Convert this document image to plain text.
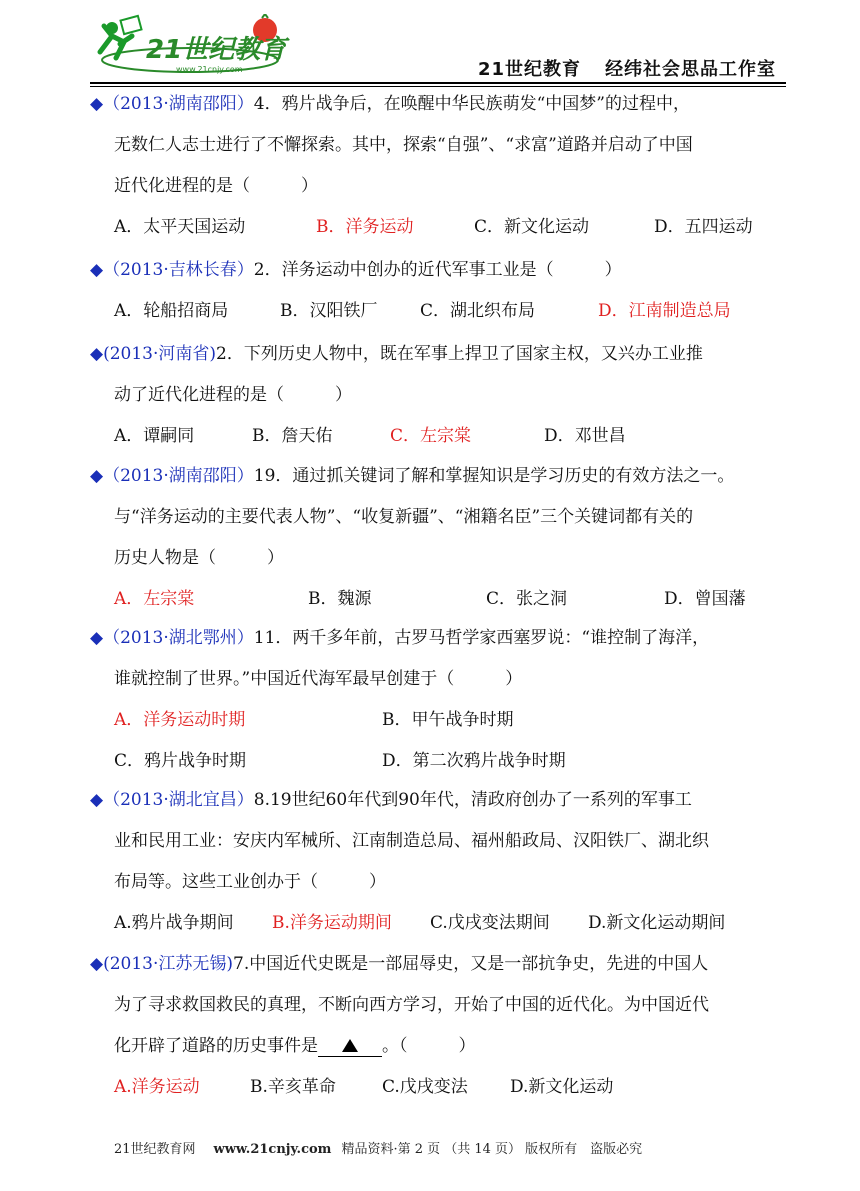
21世纪教育
www.21cnjy.com	21世纪教育 经纬社会思品工作室
◆（2013·湖南邵阳）4．鸦片战争后，在唤醒中华民族萌发“中国梦”的过程中，
无数仁人志士进行了不懈探索。其中，探索“自强”、“求富”道路并启动了中国
近代化进程的是（　　　）
A．太平天国运动	B．洋务运动	C．新文化运动	D．五四运动
◆（2013·吉林长春）2．洋务运动中创办的近代军事工业是（　　　）
A．轮船招商局	B．汉阳铁厂	C．湖北织布局	D．江南制造总局
◆(2013·河南省)2．下列历史人物中，既在军事上捍卫了国家主权，又兴办工业推
动了近代化进程的是（　　　）
A．谭嗣同	B．詹天佑	C．左宗棠	D．邓世昌
◆（2013·湖南邵阳）19．通过抓关键词了解和掌握知识是学习历史的有效方法之一。
与“洋务运动的主要代表人物”、“收复新疆”、“湘籍名臣”三个关键词都有关的
历史人物是（　　　）
A．左宗棠	B．魏源	C．张之洞	D．曾国藩
◆（2013·湖北鄂州）11．两千多年前，古罗马哲学家西塞罗说：“谁控制了海洋，
谁就控制了世界。”中国近代海军最早创建于（　　　）
A．洋务运动时期	B．甲午战争时期
C．鸦片战争时期	D．第二次鸦片战争时期
◆（2013·湖北宜昌）8.19世纪60年代到90年代，清政府创办了一系列的军事工
业和民用工业：安庆内军械所、江南制造总局、福州船政局、汉阳铁厂、湖北织
布局等。这些工业创办于（　　　）
A.鸦片战争期间 B.洋务运动期间 C.戊戌变法期间 D.新文化运动期间
◆(2013·江苏无锡)7.中国近代史既是一部屈辱史，又是一部抗争史，先进的中国人
为了寻求救国救民的真理，不断向西方学习，开始了中国的近代化。为中国近代
化开辟了道路的历史事件是	。（　　　）
A.洋务运动	B.辛亥革命	C.戊戌变法 D.新文化运动
21世纪教育网 www.21cnjy.com 精品资料·第 2 页 （共 14 页） 版权所有　盗版必究
